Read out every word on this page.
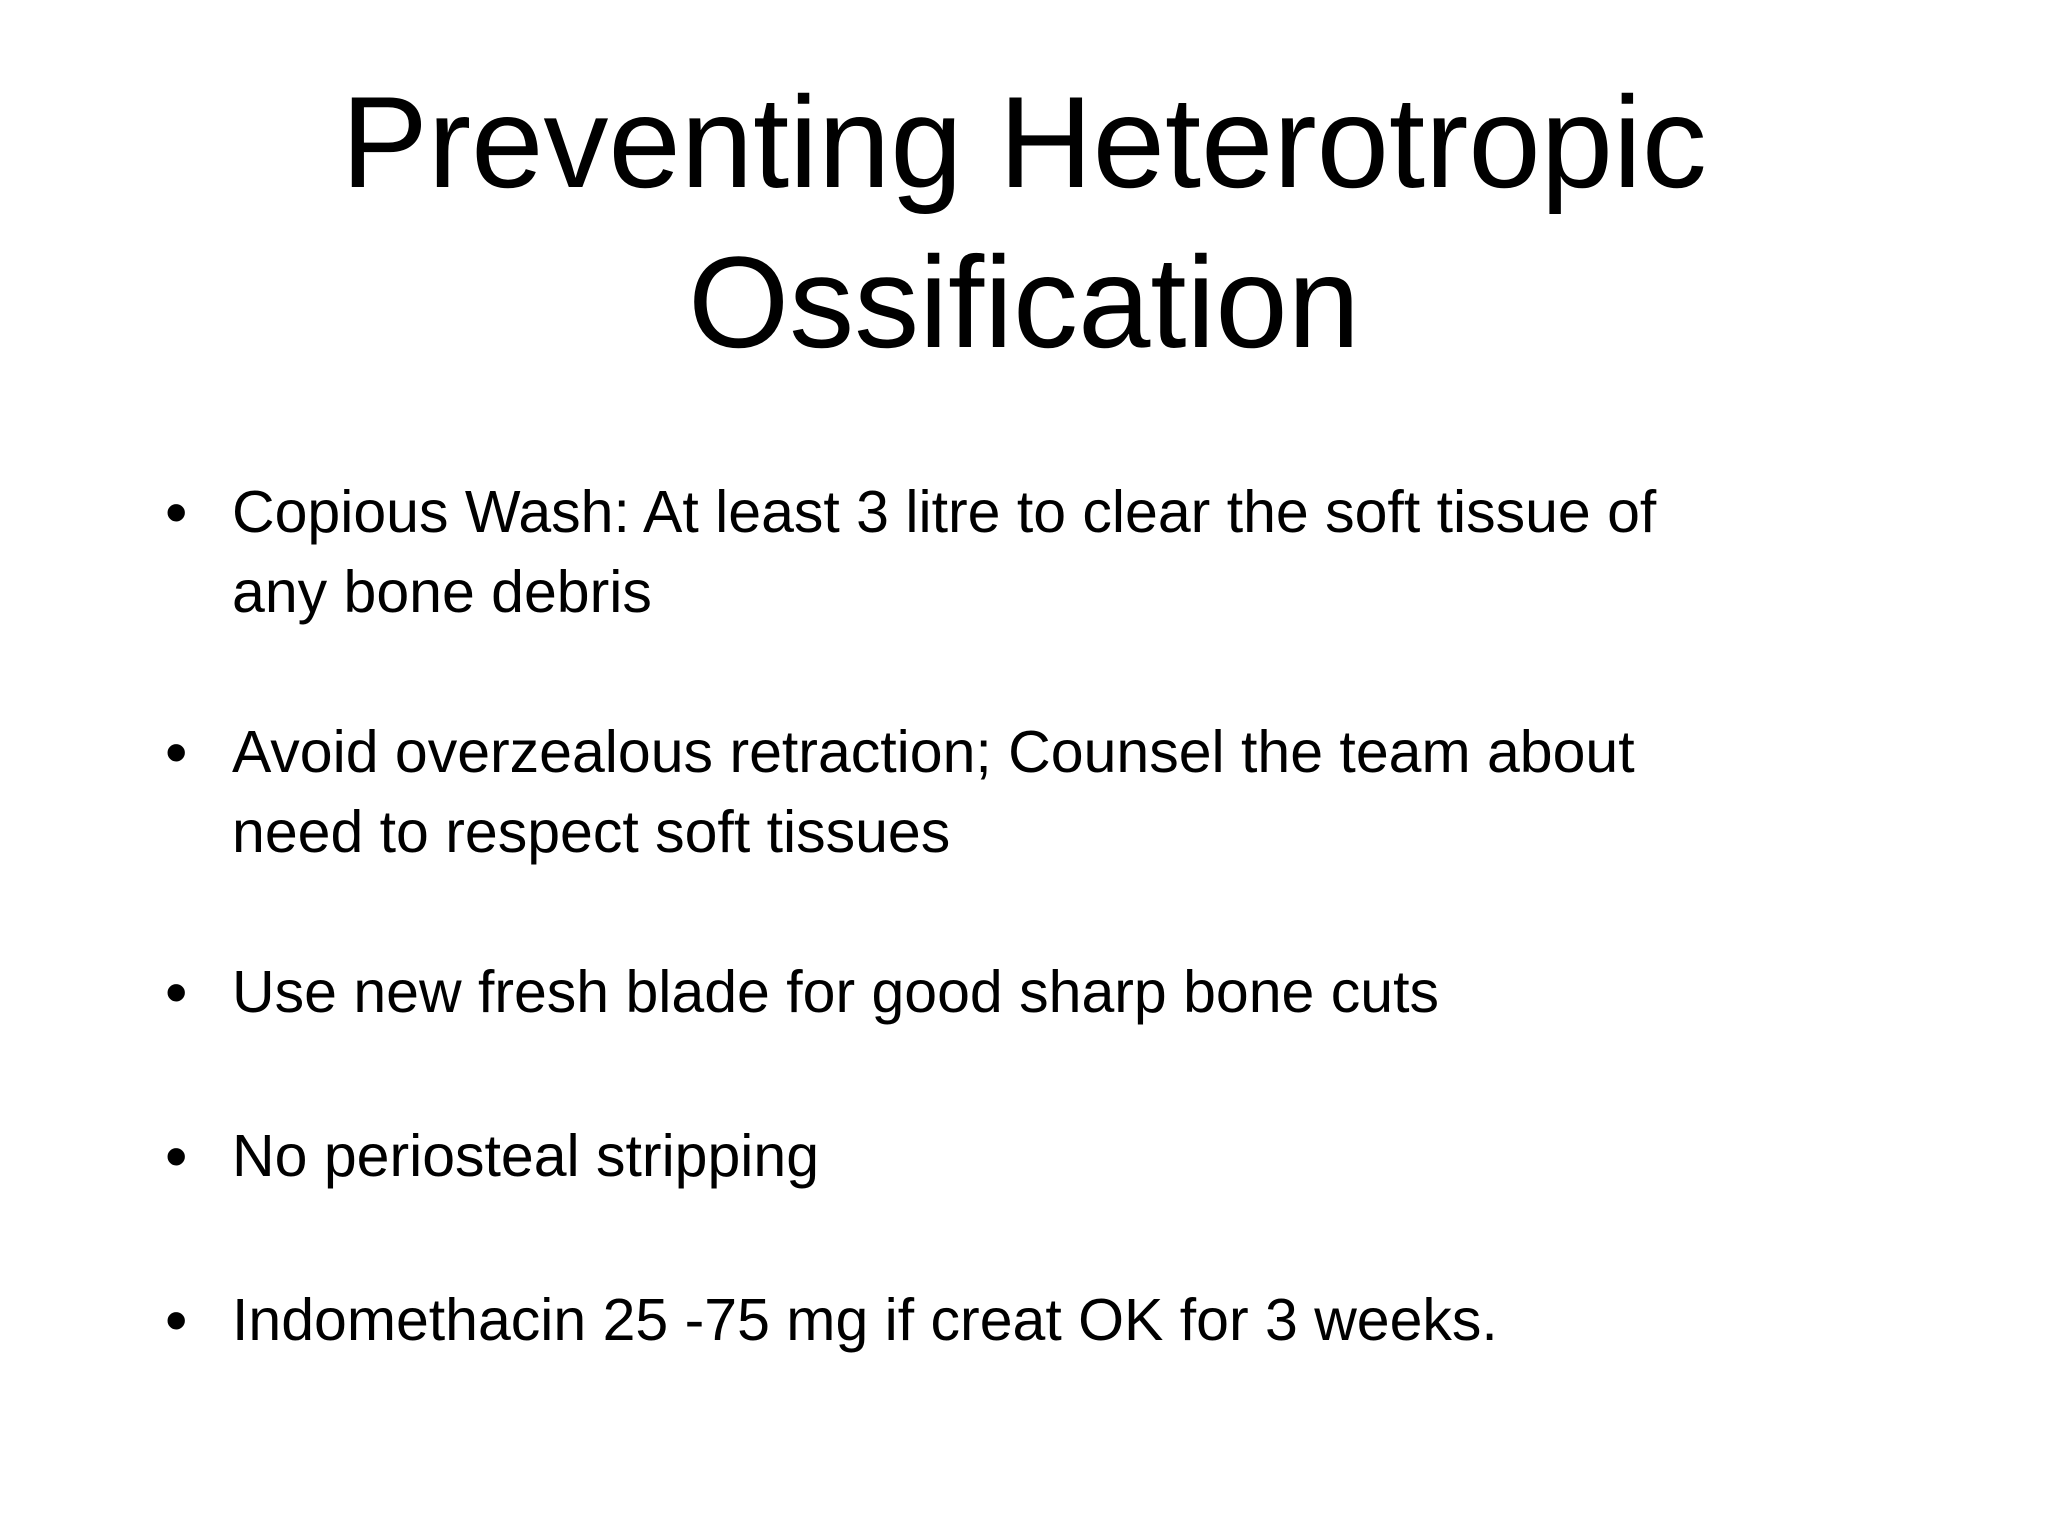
Preventing Heterotropic
Ossification
• Copious Wash: At least 3 litre to clear the soft tissue of
any bone debris
• Avoid overzealous retraction; Counsel the team about
need to respect soft tissues
• Use new fresh blade for good sharp bone cuts
• No periosteal stripping
• Indomethacin 25 -75 mg if creat OK for 3 weeks.
